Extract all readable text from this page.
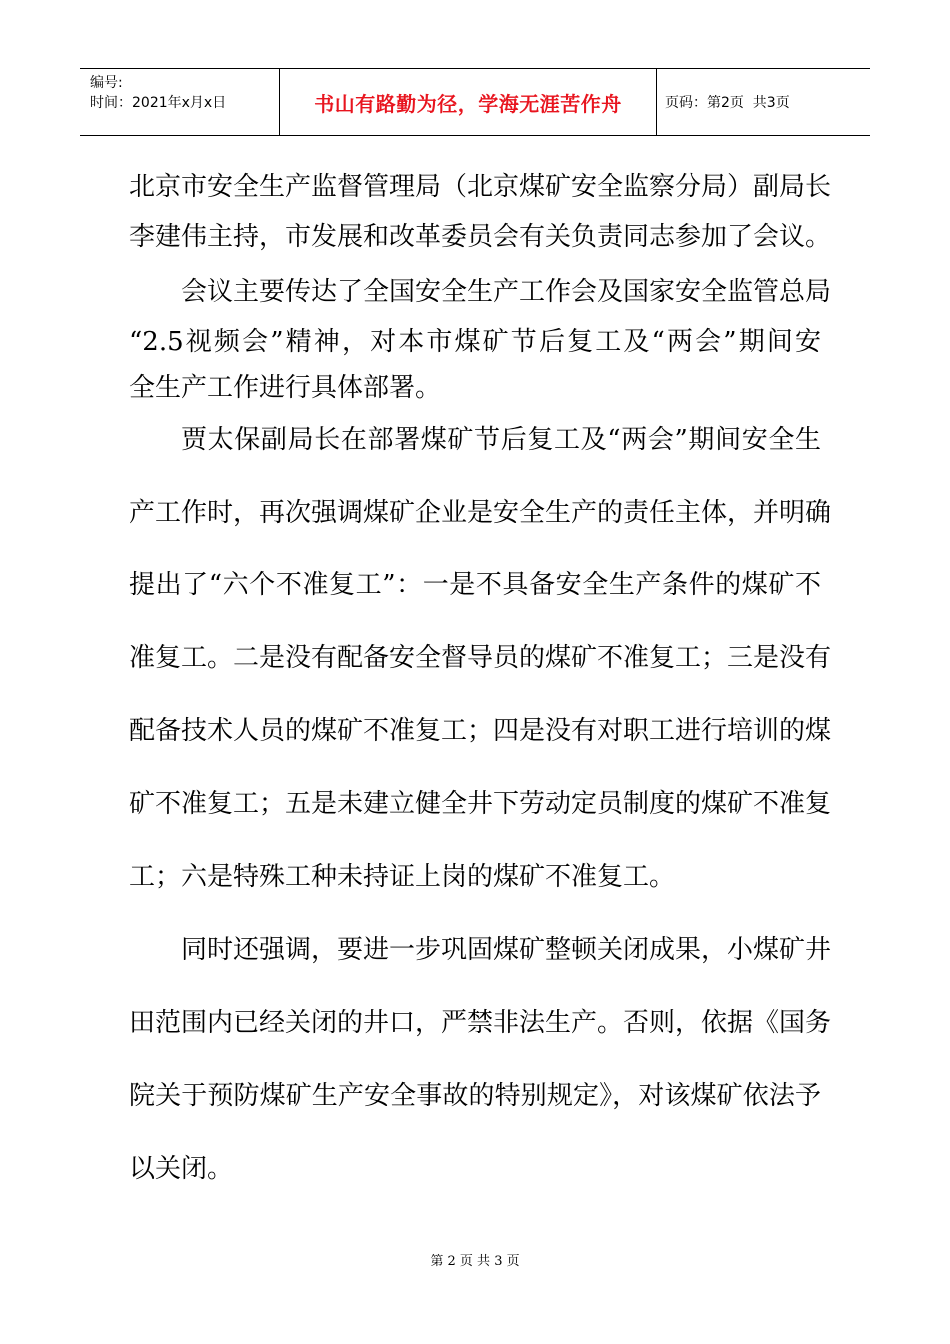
编号:
时间：2021年x月x日	书山有路勤为径，学海无涯苦作舟	页码：第2页  共3页
北京市安全生产监督管理局（北京煤矿安全监察分局）副局长
李建伟主持，市发展和改革委员会有关负责同志参加了会议。
会议主要传达了全国安全生产工作会及国家安全监管总局
“2.5视频会”精神，对本市煤矿节后复工及“两会”期间安
全生产工作进行具体部署。
贾太保副局长在部署煤矿节后复工及“两会”期间安全生
产工作时，再次强调煤矿企业是安全生产的责任主体，并明确
提出了“六个不准复工”：一是不具备安全生产条件的煤矿不
准复工。二是没有配备安全督导员的煤矿不准复工；三是没有
配备技术人员的煤矿不准复工；四是没有对职工进行培训的煤
矿不准复工；五是未建立健全井下劳动定员制度的煤矿不准复
工；六是特殊工种未持证上岗的煤矿不准复工。
同时还强调，要进一步巩固煤矿整顿关闭成果，小煤矿井
田范围内已经关闭的井口，严禁非法生产。否则，依据《国务
院关于预防煤矿生产安全事故的特别规定》，对该煤矿依法予
以关闭。
第 2 页 共 3 页
